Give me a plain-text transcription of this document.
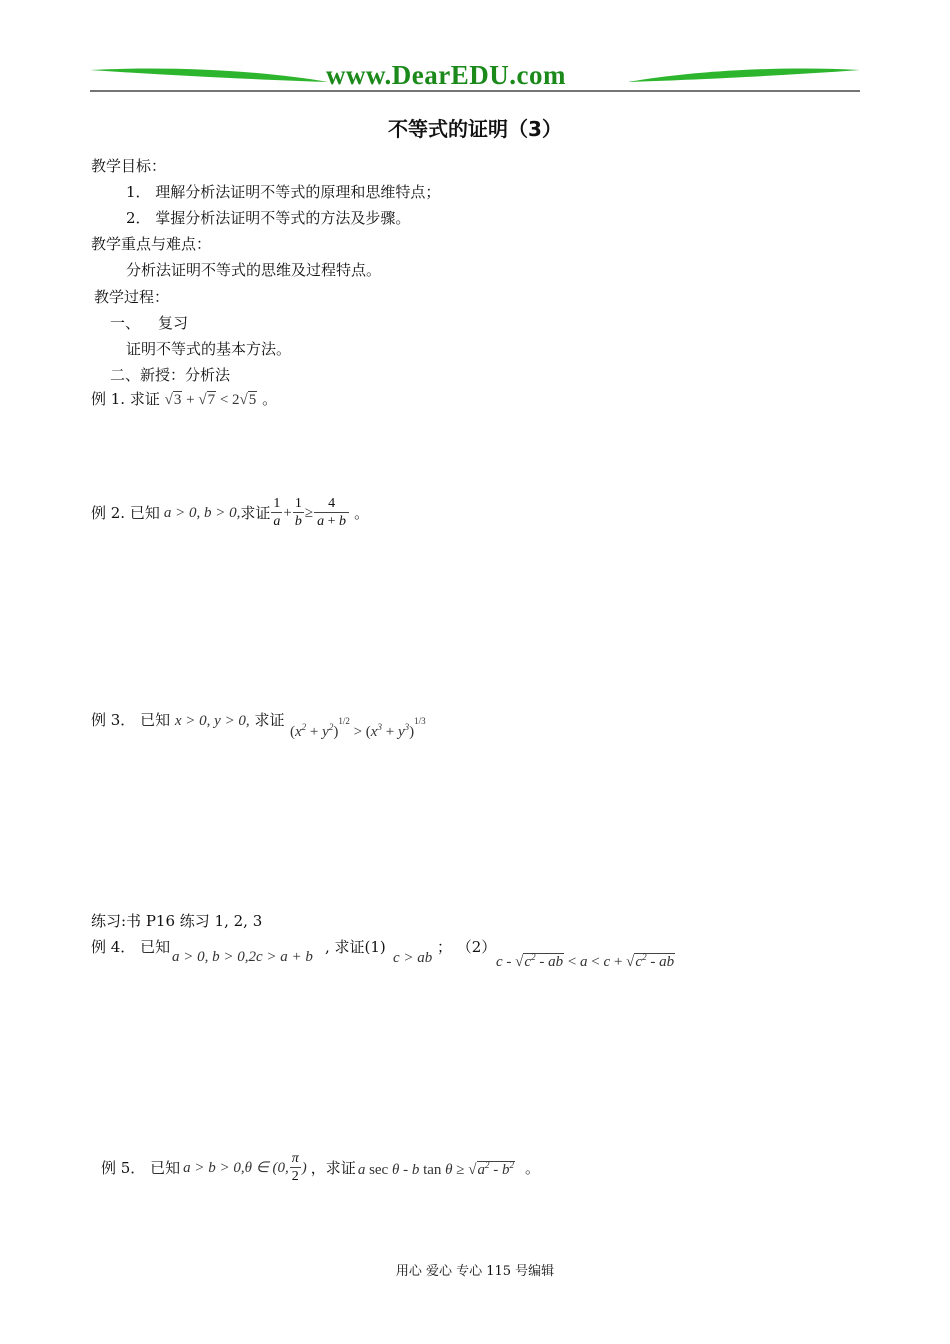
www.DearEDU.com
不等式的证明（3）
教学目标：
1． 理解分析法证明不等式的原理和思维特点；
2． 掌握分析法证明不等式的方法及步骤。
教学重点与难点：
分析法证明不等式的思维及过程特点。
教学过程：
一、 复习
证明不等式的基本方法。
二、新授：分析法
例 1. 求证 √3 + √7 < 2√5 。
例 2. 已知 a > 0, b > 0, 求证 $\frac{1}{a} + \frac{1}{b} \ge \frac{4}{a + b}$ 。
例 3． 已知 x > 0, y > 0, 求证
$(x^2 + y^2)^{1/2} > (x^3 + y^3)^{1/3}$
练习:书 P16 练习 1, 2, 3
例 4． 已知
a > 0, b > 0,2c > a + b
, 求证(1)
c > ab
； （2）
c - $√c^2$ - ab < $a < c + √c^2$ - ab
例 5． 已知 a > b > 0,θ ∈ (0, $\frac{\pi}{2}$ ) ，求证 a sec θ - b $\tan \theta \ge √a^2 - b^2$ 。
用心 爱心 专心 115 号编辑
